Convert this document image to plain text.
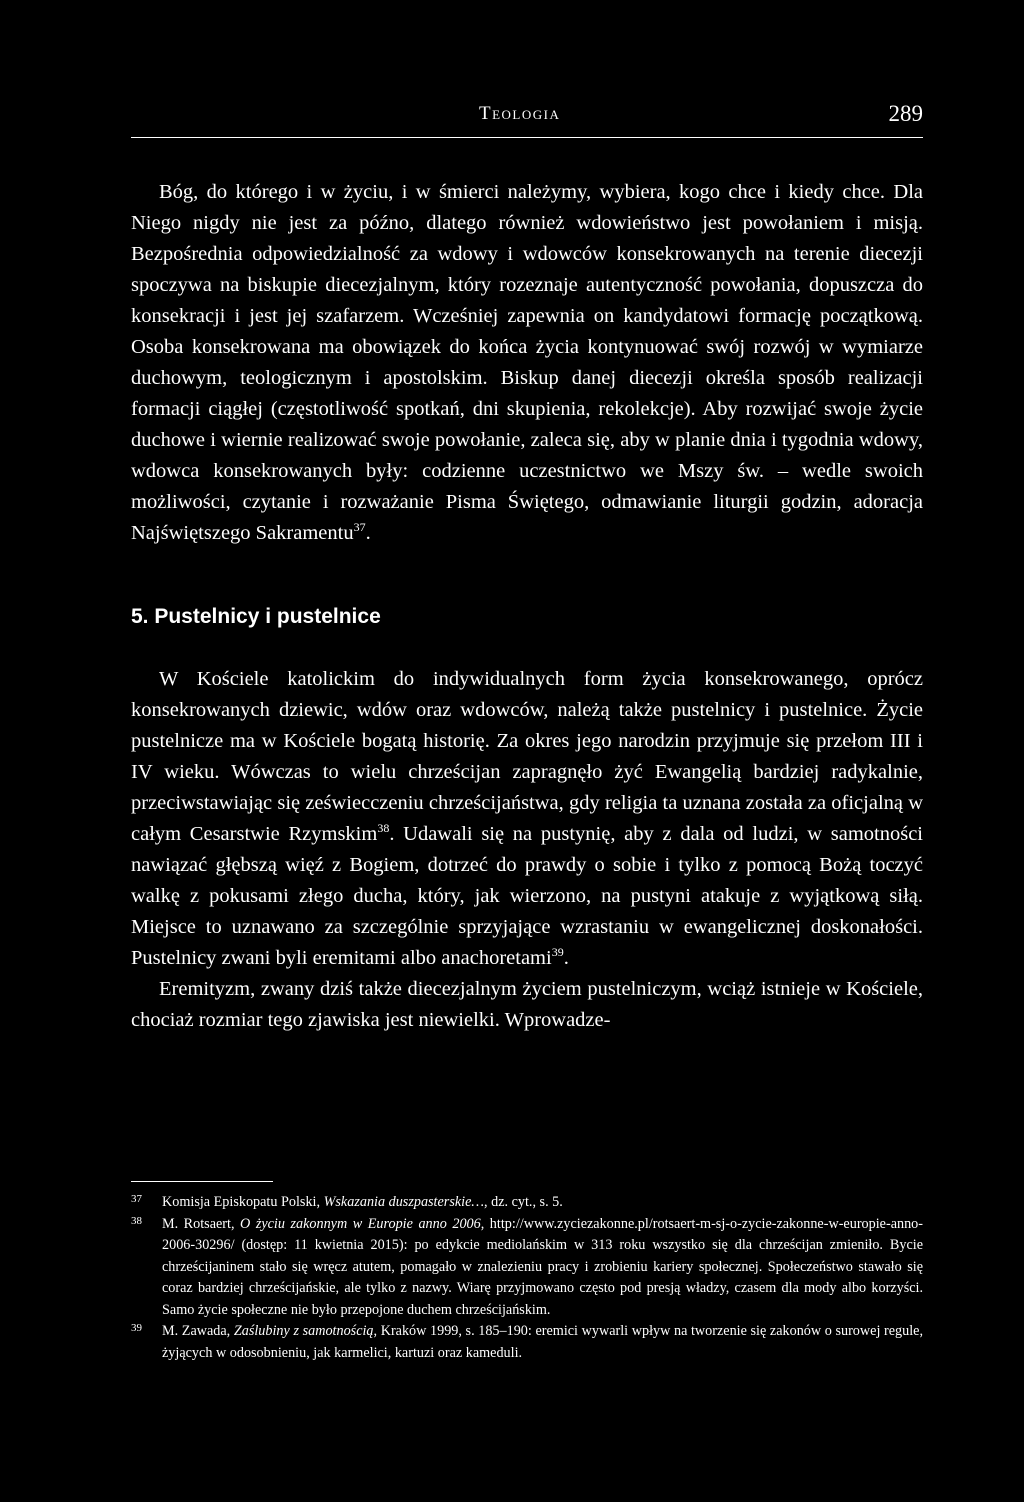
Teologia	289

Bóg, do którego i w życiu, i w śmierci należymy, wybiera, kogo chce i kiedy chce. Dla Niego nigdy nie jest za późno, dlatego również wdowieństwo jest powołaniem i misją. Bezpośrednia odpowiedzialność za wdowy i wdowców konsekrowanych na terenie diecezji spoczywa na biskupie diecezjalnym, który rozeznaje autentyczność powołania, dopuszcza do konsekracji i jest jej szafarzem. Wcześniej zapewnia on kandydatowi formację początkową. Osoba konsekrowana ma obowiązek do końca życia kontynuować swój rozwój w wymiarze duchowym, teologicznym i apostolskim. Biskup danej diecezji określa sposób realizacji formacji ciągłej (częstotliwość spotkań, dni skupienia, rekolekcje). Aby rozwijać swoje życie duchowe i wiernie realizować swoje powołanie, zaleca się, aby w planie dnia i tygodnia wdowy, wdowca konsekrowanych były: codzienne uczestnictwo we Mszy św. – wedle swoich możliwości, czytanie i rozważanie Pisma Świętego, odmawianie liturgii godzin, adoracja Najświętszego Sakramentu$^{37}$.

5. Pustelnicy i pustelnice

W Kościele katolickim do indywidualnych form życia konsekrowanego, oprócz konsekrowanych dziewic, wdów oraz wdowców, należą także pustelnicy i pustelnice. Życie pustelnicze ma w Kościele bogatą historię. Za okres jego narodzin przyjmuje się przełom III i IV wieku. Wówczas to wielu chrześcijan zapragnęło żyć Ewangelią bardziej radykalnie, przeciwstawiając się zeświecczeniu chrześcijaństwa, gdy religia ta uznana została za oficjalną w całym Cesarstwie Rzymskim$^{38}$. Udawali się na pustynię, aby z dala od ludzi, w samotności nawiązać głębszą więź z Bogiem, dotrzeć do prawdy o sobie i tylko z pomocą Bożą toczyć walkę z pokusami złego ducha, który, jak wierzono, na pustyni atakuje z wyjątkową siłą. Miejsce to uznawano za szczególnie sprzyjające wzrastaniu w ewangelicznej doskonałości. Pustelnicy zwani byli eremitami albo anachoretami$^{39}$.

Eremityzm, zwany dziś także diecezjalnym życiem pustelniczym, wciąż istnieje w Kościele, chociaż rozmiar tego zjawiska jest niewielki. Wprowadze-

37 Komisja Episkopatu Polski, Wskazania duszpasterskie…, dz. cyt., s. 5.
38 M. Rotsaert, O życiu zakonnym w Europie anno 2006, http://www.zyciezakonne.pl/rotsaert-m-sj-o-zycie-zakonne-w-europie-anno-2006-30296/ (dostęp: 11 kwietnia 2015): po edykcie mediolańskim w 313 roku wszystko się dla chrześcijan zmieniło. Bycie chrześcijaninem stało się wręcz atutem, pomagało w znalezieniu pracy i zrobieniu kariery społecznej. Społeczeństwo stawało się coraz bardziej chrześcijańskie, ale tylko z nazwy. Wiarę przyjmowano często pod presją władzy, czasem dla mody albo korzyści. Samo życie społeczne nie było przepojone duchem chrześcijańskim.
39 M. Zawada, Zaślubiny z samotnością, Kraków 1999, s. 185–190: eremici wywarli wpływ na tworzenie się zakonów o surowej regule, żyjących w odosobnieniu, jak karmelici, kartuzi oraz kameduli.
